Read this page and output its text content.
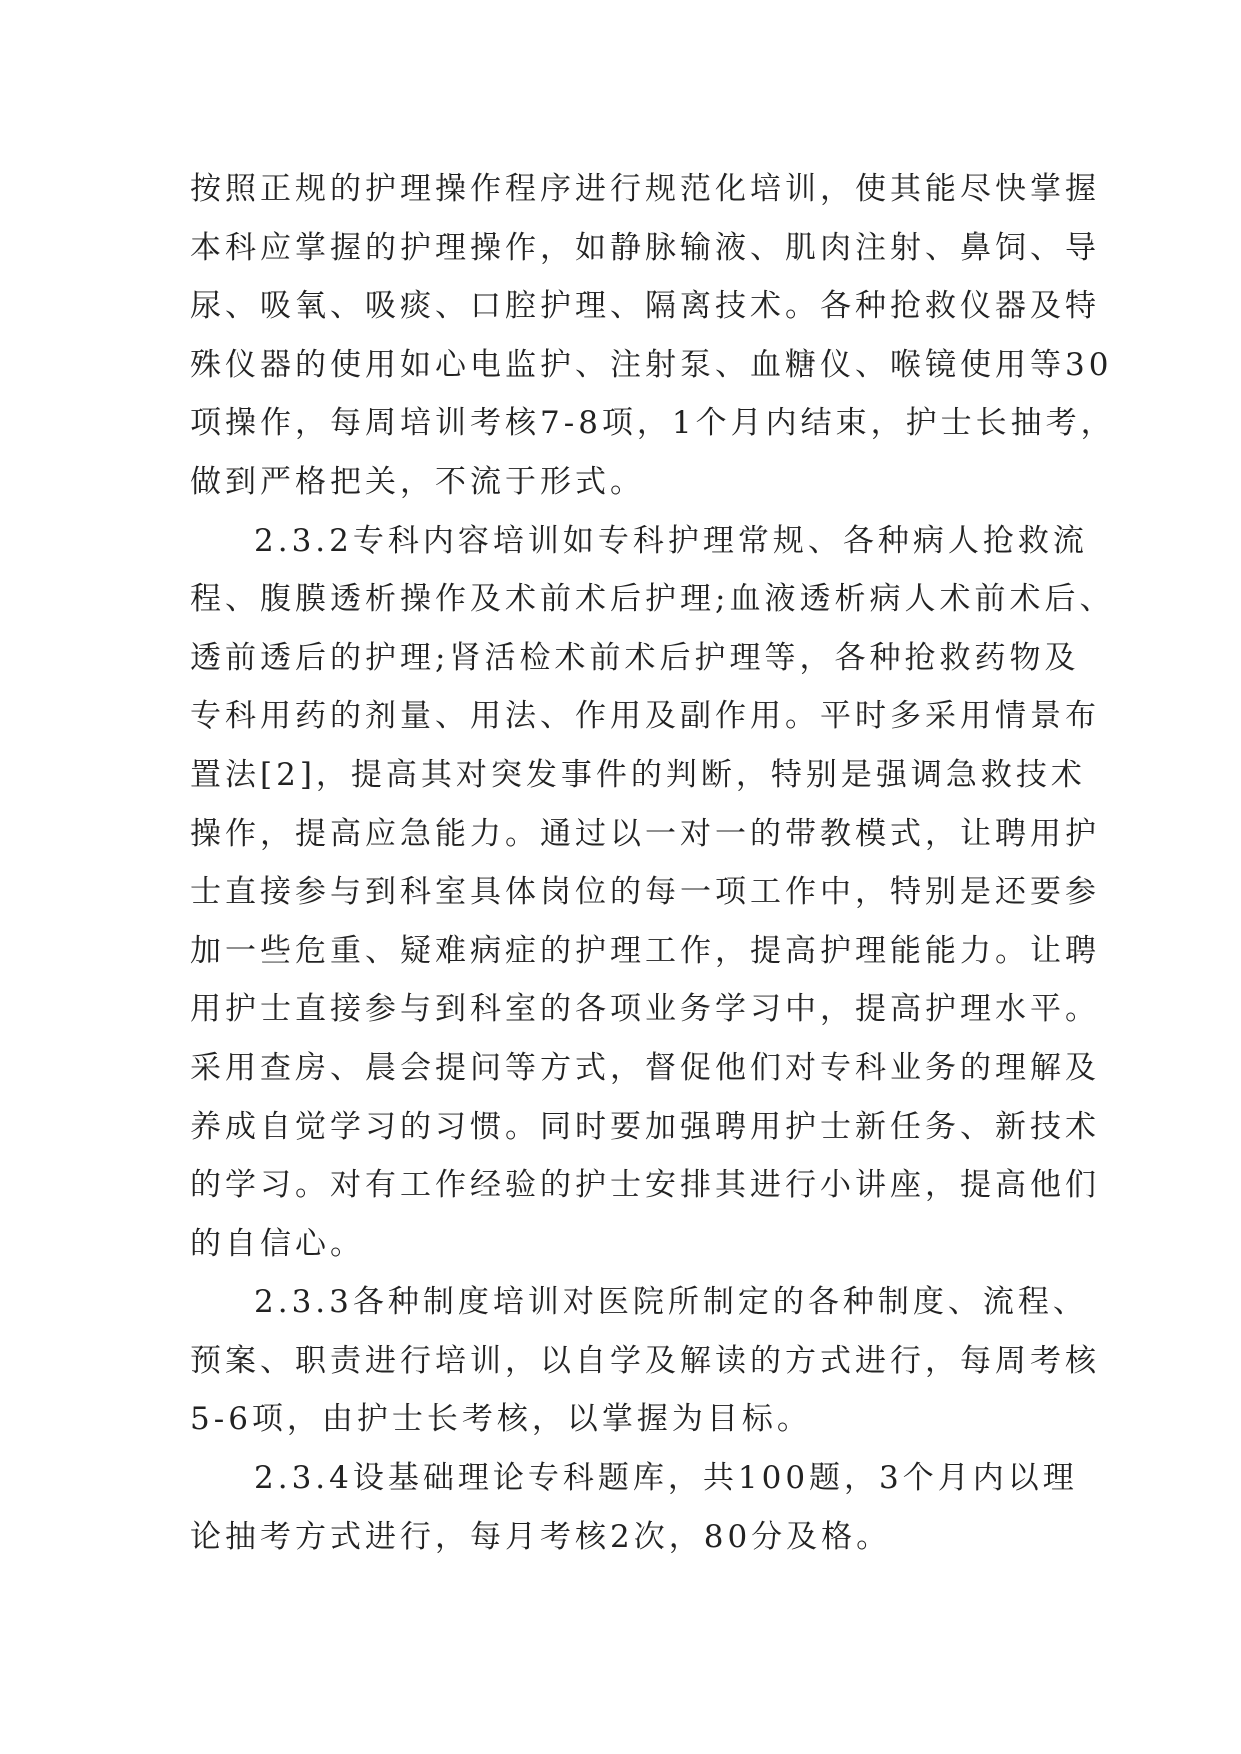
按照正规的护理操作程序进行规范化培训，使其能尽快掌握
本科应掌握的护理操作，如静脉输液、肌肉注射、鼻饲、导
尿、吸氧、吸痰、口腔护理、隔离技术。各种抢救仪器及特
殊仪器的使用如心电监护、注射泵、血糖仪、喉镜使用等30
项操作，每周培训考核7-8项，1个月内结束，护士长抽考，
做到严格把关，不流于形式。
2.3.2专科内容培训如专科护理常规、各种病人抢救流
程、腹膜透析操作及术前术后护理;血液透析病人术前术后、
透前透后的护理;肾活检术前术后护理等，各种抢救药物及
专科用药的剂量、用法、作用及副作用。平时多采用情景布
置法[2]，提高其对突发事件的判断，特别是强调急救技术
操作，提高应急能力。通过以一对一的带教模式，让聘用护
士直接参与到科室具体岗位的每一项工作中，特别是还要参
加一些危重、疑难病症的护理工作，提高护理能能力。让聘
用护士直接参与到科室的各项业务学习中，提高护理水平。
采用查房、晨会提问等方式，督促他们对专科业务的理解及
养成自觉学习的习惯。同时要加强聘用护士新任务、新技术
的学习。对有工作经验的护士安排其进行小讲座，提高他们
的自信心。
2.3.3各种制度培训对医院所制定的各种制度、流程、
预案、职责进行培训，以自学及解读的方式进行，每周考核
5-6项，由护士长考核，以掌握为目标。
2.3.4设基础理论专科题库，共100题，3个月内以理
论抽考方式进行，每月考核2次，80分及格。
